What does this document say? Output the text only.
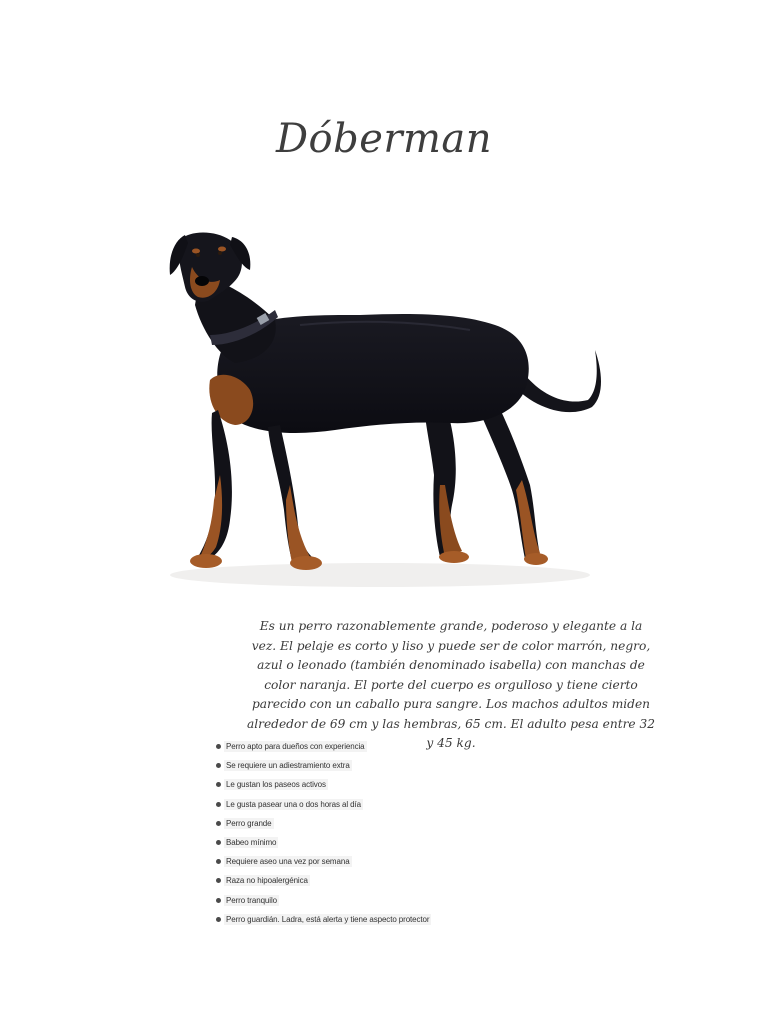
Dóberman
Es un perro razonablemente grande, poderoso y elegante a la vez. El pelaje es corto y liso y puede ser de color marrón, negro, azul o leonado (también denominado isabella) con manchas de color naranja. El porte del cuerpo es orgulloso y tiene cierto parecido con un caballo pura sangre. Los machos adultos miden alrededor de 69 cm y las hembras, 65 cm. El adulto pesa entre 32 y 45 kg.
Perro apto para dueños con experiencia
Se requiere un adiestramiento extra
Le gustan los paseos activos
Le gusta pasear una o dos horas al día
Perro grande
Babeo mínimo
Requiere aseo una vez por semana
Raza no hipoalergénica
Perro tranquilo
Perro guardián. Ladra, está alerta y tiene aspecto protector
